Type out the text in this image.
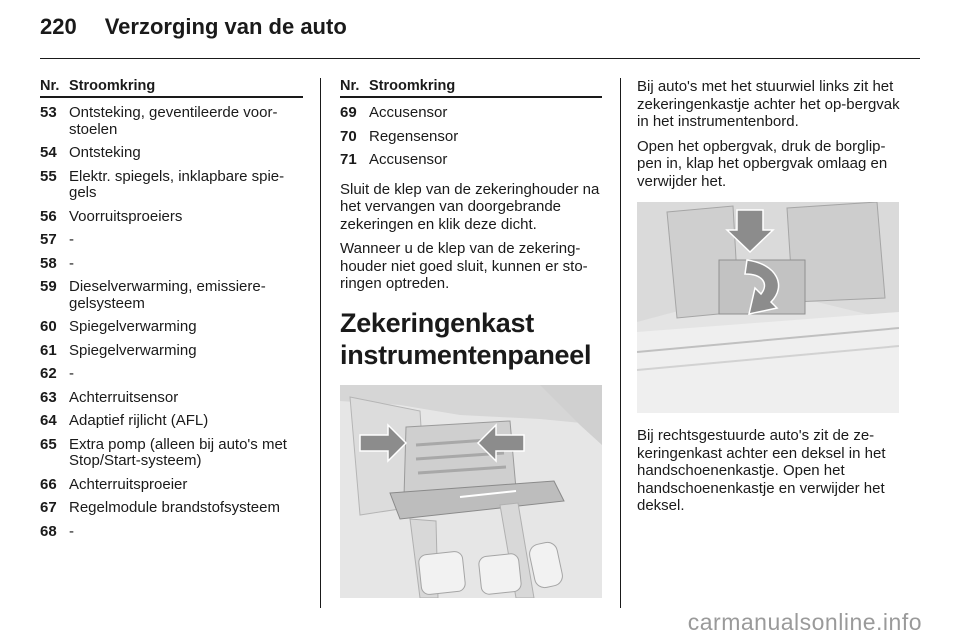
220 Verzorging van de auto
Nr. Stroomkring
53 Ontsteking, geventileerde voor-stoelen
54 Ontsteking
55 Elektr. spiegels, inklapbare spie-gels
56 Voorruitsproeiers
57 -
58 -
59 Dieselverwarming, emissiere-gelsysteem
60 Spiegelverwarming
61 Spiegelverwarming
62 -
63 Achterruitsensor
64 Adaptief rijlicht (AFL)
65 Extra pomp (alleen bij auto's met Stop/Start-systeem)
66 Achterruitsproeier
67 Regelmodule brandstofsysteem
68 -
Nr. Stroomkring
69 Accusensor
70 Regensensor
71 Accusensor

Sluit de klep van de zekeringhouder na het vervangen van doorgebrande zekeringen en klik deze dicht.

Wanneer u de klep van de zekering-houder niet goed sluit, kunnen er sto-ringen optreden.

Zekeringenkast instrumentenpaneel

Bij auto's met het stuurwiel links zit het zekeringenkastje achter het op-bergvak in het instrumentenbord.

Open het opbergvak, druk de borglip-pen in, klap het opbergvak omlaag en verwijder het.

Bij rechtsgestuurde auto's zit de ze-keringenkast achter een deksel in het handschoenenkastje. Open het handschoenenkastje en verwijder het deksel.

carmanualsonline.info
